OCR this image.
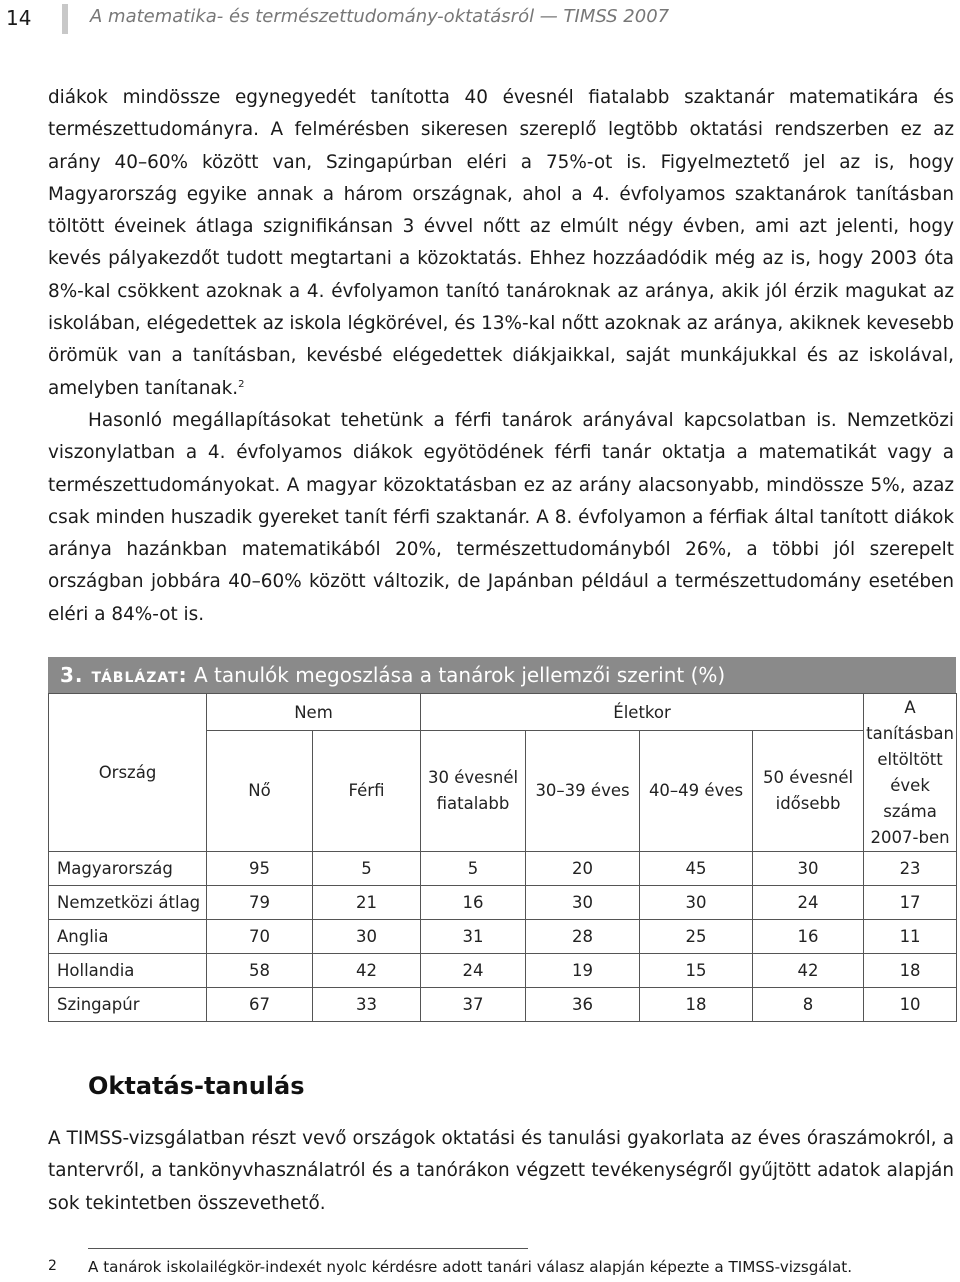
14	A matematika- és természettudomány-oktatásról — TIMSS 2007

diákok mindössze egynegyedét tanította 40 évesnél fiatalabb szaktanár matematikára és természettudományra. A felmérésben sikeresen szereplő legtöbb oktatási rendszerben ez az arány 40–60% között van, Szingapúrban eléri a 75%-ot is. Figyelmeztető jel az is, hogy Magyarország egyike annak a három országnak, ahol a 4. évfolyamos szaktanárok tanításban töltött éveinek átlaga szignifikánsan 3 évvel nőtt az elmúlt négy évben, ami azt jelenti, hogy kevés pályakezdőt tudott megtartani a közoktatás. Ehhez hozzáadódik még az is, hogy 2003 óta 8%-kal csökkent azoknak a 4. évfolyamon tanító tanároknak az aránya, akik jól érzik magukat az iskolában, elégedettek az iskola légkörével, és 13%-kal nőtt azoknak az aránya, akiknek kevesebb örömük van a tanításban, kevésbé elégedettek diákjaikkal, saját munkájukkal és az iskolával, amelyben tanítanak.$^2$

Hasonló megállapításokat tehetünk a férfi tanárok arányával kapcsolatban is. Nemzetközi viszonylatban a 4. évfolyamos diákok egyötödének férfi tanár oktatja a matematikát vagy a természettudományokat. A magyar közoktatásban ez az arány alacsonyabb, mindössze 5%, azaz csak minden huszadik gyereket tanít férfi szaktanár. A 8. évfolyamon a férfiak által tanított diákok aránya hazánkban matematikából 20%, természettudományból 26%, a többi jól szerepelt országban jobbára 40–60% között változik, de Japánban például a természettudomány esetében eléri a 84%-ot is.

3. táblázat: A tanulók megoszlása a tanárok jellemzői szerint (%)
Ország	Nem		Életkor				A tanításban eltöltött évek száma 2007-ben
	Nő	Férfi	30 évesnél fiatalabb	30–39 éves	40–49 éves	50 évesnél idősebb	
Magyarország	95	5	5	20	45	30	23
Nemzetközi átlag	79	21	16	30	30	24	17
Anglia	70	30	31	28	25	16	11
Hollandia	58	42	24	19	15	42	18
Szingapúr	67	33	37	36	18	8	10
Oktatás-tanulás

A TIMSS-vizsgálatban részt vevő országok oktatási és tanulási gyakorlata az éves óraszámokról, a tantervről, a tankönyvhasználatról és a tanórákon végzett tevékenységről gyűjtött adatok alapján sok tekintetben összevethető.

2 A tanárok iskolailégkör-indexét nyolc kérdésre adott tanári válasz alapján képezte a TIMSS-vizsgálat.
